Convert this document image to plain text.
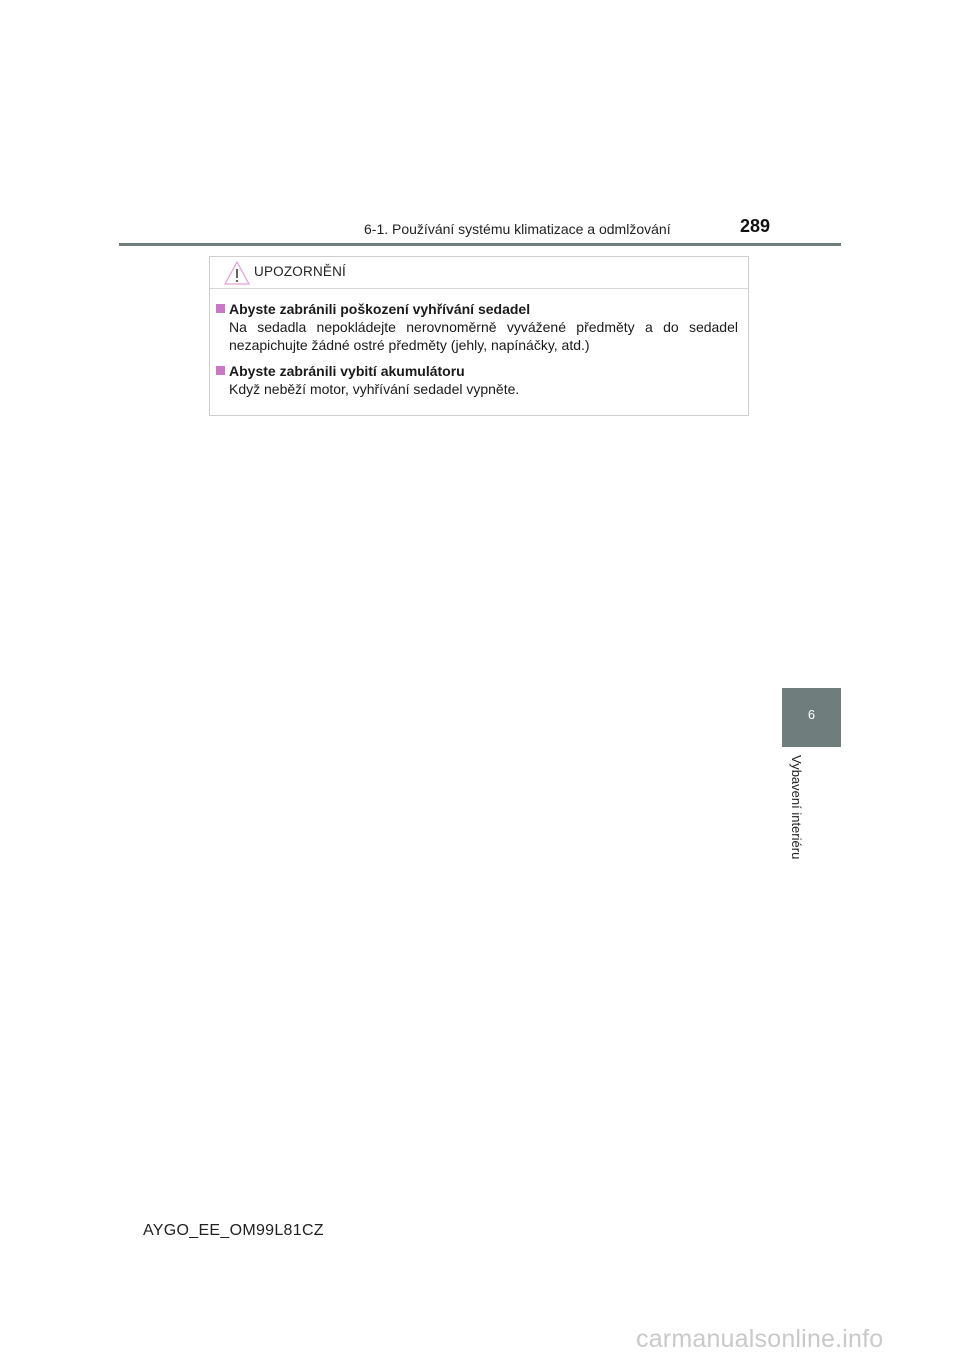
6-1. Používání systému klimatizace a odmlžování	289
UPOZORNĚNÍ
Abyste zabránili poškození vyhřívání sedadel
Na sedadla nepokládejte nerovnoměrně vyvážené předměty a do sedadel nezapichujte žádné ostré předměty (jehly, napínáčky, atd.)
Abyste zabránili vybití akumulátoru
Když neběží motor, vyhřívání sedadel vypněte.
6
Vybavení interiéru
AYGO_EE_OM99L81CZ
carmanualsonline.info
